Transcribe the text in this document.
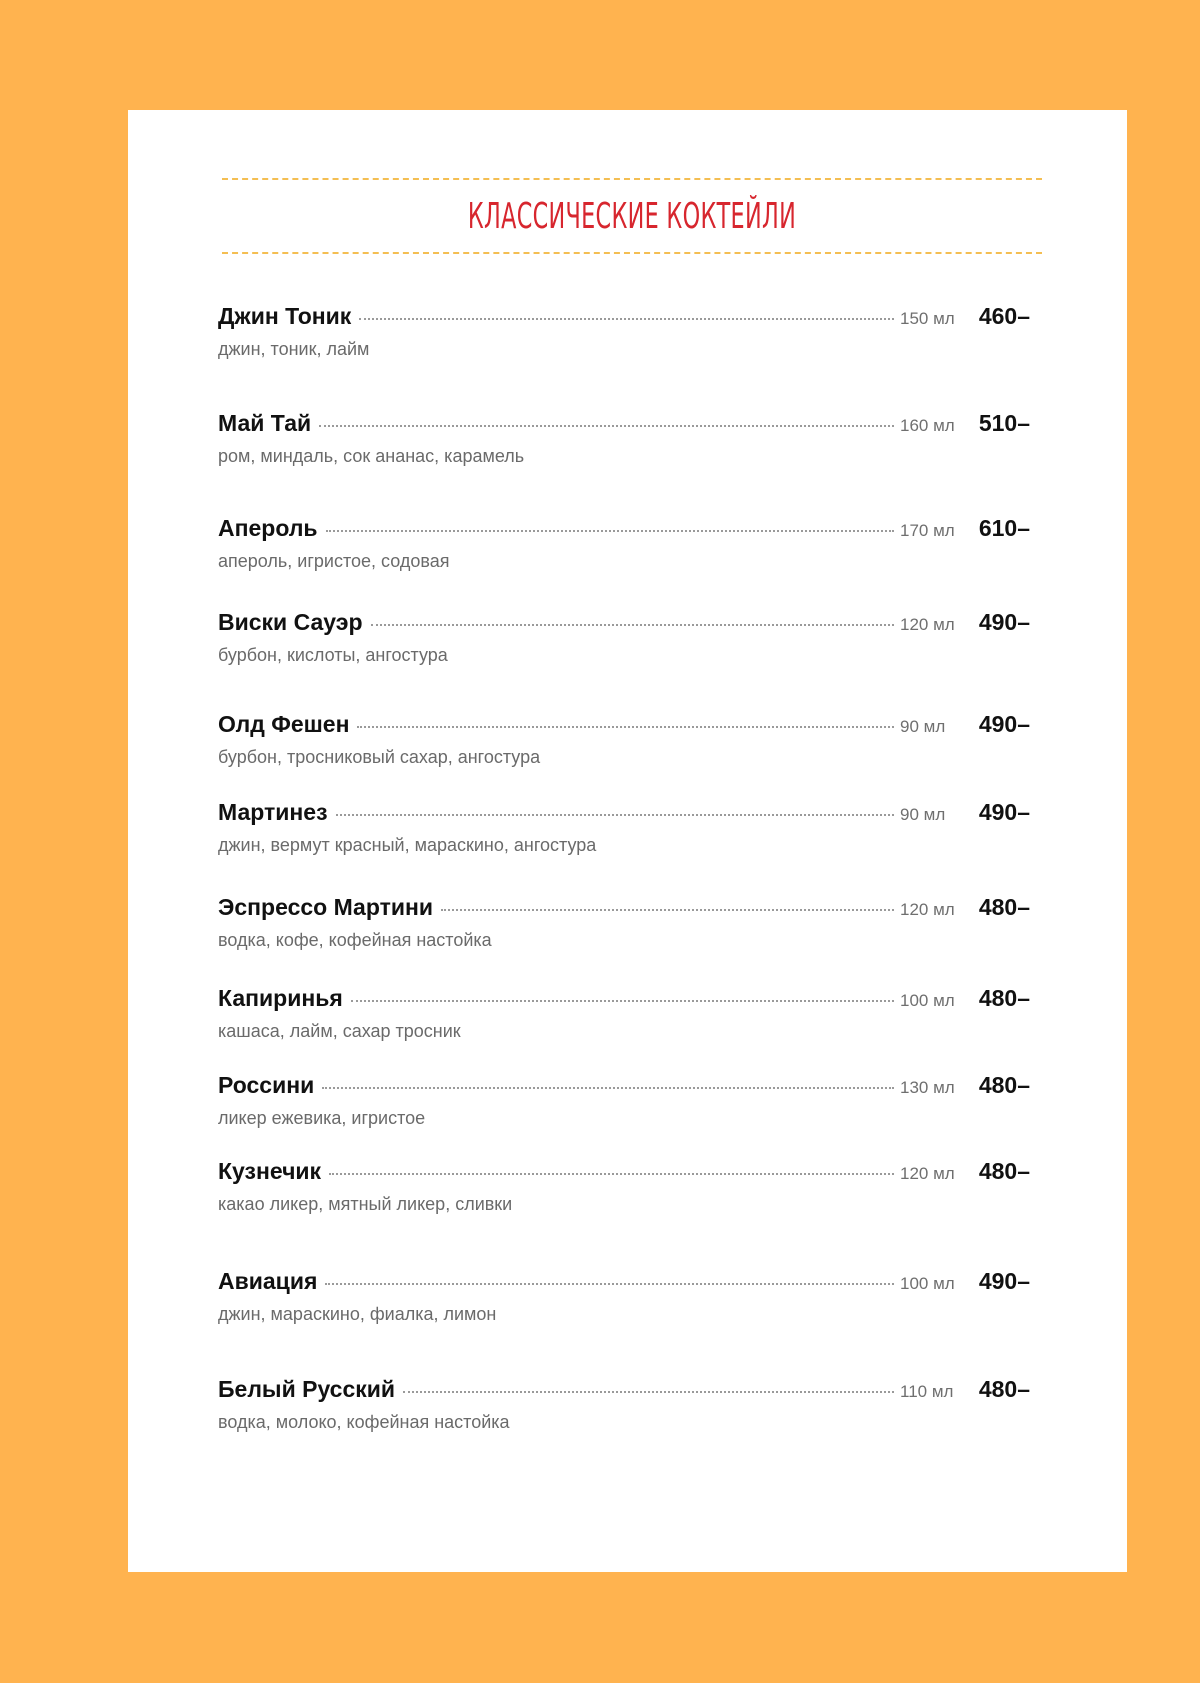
КЛАССИЧЕСКИЕ КОКТЕЙЛИ
Джин Тоник	150 мл	460–
джин, тоник, лайм
Май Тай	160 мл	510–
ром, миндаль, сок ананас, карамель
Апероль	170 мл	610–
апероль, игристое, содовая
Виски Сауэр	120 мл	490–
бурбон, кислоты, ангостура
Олд Фешен	90 мл	490–
бурбон, тросниковый сахар, ангостура
Мартинез	90 мл	490–
джин, вермут красный, мараскино, ангостура
Эспрессо Мартини	120 мл	480–
водка, кофе, кофейная настойка
Капиринья	100 мл	480–
кашаса, лайм, сахар тросник
Россини	130 мл	480–
ликер ежевика, игристое
Кузнечик	120 мл	480–
какао ликер, мятный ликер, сливки
Авиация	100 мл	490–
джин, мараскино, фиалка, лимон
Белый Русский	110 мл	480–
водка, молоко, кофейная настойка
